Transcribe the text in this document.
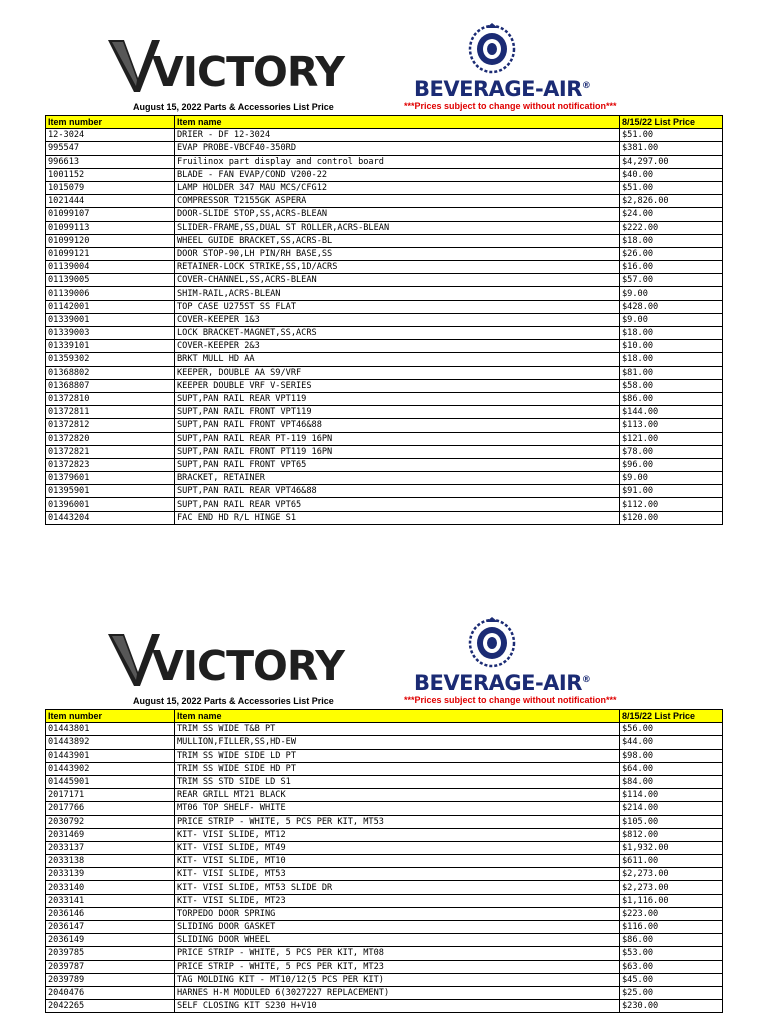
VICTORY	BEVERAGE-AIR®
August 15, 2022 Parts & Accessories List Price	***Prices subject to change without notification***
Item number	Item name	8/15/22 List Price
12-3024	DRIER - DF 12-3024	$51.00
995547	EVAP PROBE-VBCF40-350RD	$381.00
996613	Fruilinox part display and control board	$4,297.00
1001152	BLADE - FAN EVAP/COND V200-22	$40.00
1015079	LAMP HOLDER 347 MAU MCS/CFG12	$51.00
1021444	COMPRESSOR T2155GK ASPERA	$2,826.00
01099107	DOOR-SLIDE STOP,SS,ACRS-BLEAN	$24.00
01099113	SLIDER-FRAME,SS,DUAL ST ROLLER,ACRS-BLEAN	$222.00
01099120	WHEEL GUIDE BRACKET,SS,ACRS-BL	$18.00
01099121	DOOR STOP-90,LH PIN/RH BASE,SS	$26.00
01139004	RETAINER-LOCK STRIKE,SS,1D/ACRS	$16.00
01139005	COVER-CHANNEL,SS,ACRS-BLEAN	$57.00
01139006	SHIM-RAIL,ACRS-BLEAN	$9.00
01142001	TOP CASE U275ST SS FLAT	$428.00
01339001	COVER-KEEPER 1&3	$9.00
01339003	LOCK BRACKET-MAGNET,SS,ACRS	$18.00
01339101	COVER-KEEPER 2&3	$10.00
01359302	BRKT MULL HD AA	$18.00
01368802	KEEPER, DOUBLE AA S9/VRF	$81.00
01368807	KEEPER DOUBLE VRF V-SERIES	$58.00
01372810	SUPT,PAN RAIL REAR VPT119	$86.00
01372811	SUPT,PAN RAIL FRONT VPT119	$144.00
01372812	SUPT,PAN RAIL FRONT VPT46&88	$113.00
01372820	SUPT,PAN RAIL REAR PT-119 16PN	$121.00
01372821	SUPT,PAN RAIL FRONT PT119 16PN	$78.00
01372823	SUPT,PAN RAIL FRONT VPT65	$96.00
01379601	BRACKET, RETAINER	$9.00
01395901	SUPT,PAN RAIL REAR VPT46&88	$91.00
01396001	SUPT,PAN RAIL REAR VPT65	$112.00
01443204	FAC END HD R/L HINGE S1	$120.00
VICTORY	BEVERAGE-AIR®
August 15, 2022 Parts & Accessories List Price	***Prices subject to change without notification***
Item number	Item name	8/15/22 List Price
01443801	TRIM SS WIDE T&B PT	$56.00
01443892	MULLION,FILLER,SS,HD-EW	$44.00
01443901	TRIM SS WIDE SIDE LD PT	$98.00
01443902	TRIM SS WIDE SIDE HD PT	$64.00
01445901	TRIM SS STD SIDE LD S1	$84.00
2017171	REAR GRILL MT21 BLACK	$114.00
2017766	MT06 TOP SHELF- WHITE	$214.00
2030792	PRICE STRIP - WHITE, 5 PCS PER KIT, MT53	$105.00
2031469	KIT- VISI SLIDE, MT12	$812.00
2033137	KIT- VISI SLIDE, MT49	$1,932.00
2033138	KIT- VISI SLIDE, MT10	$611.00
2033139	KIT- VISI SLIDE, MT53	$2,273.00
2033140	KIT- VISI SLIDE, MT53 SLIDE DR	$2,273.00
2033141	KIT- VISI SLIDE, MT23	$1,116.00
2036146	TORPEDO DOOR SPRING	$223.00
2036147	SLIDING DOOR GASKET	$116.00
2036149	SLIDING DOOR WHEEL	$86.00
2039785	PRICE STRIP - WHITE, 5 PCS PER KIT, MT08	$53.00
2039787	PRICE STRIP - WHITE, 5 PCS PER KIT, MT23	$63.00
2039789	TAG MOLDING KIT - MT10/12(5 PCS PER KIT)	$45.00
2040476	HARNES H-M MODULED 6(3027227 REPLACEMENT)	$25.00
2042265	SELF CLOSING KIT S230 H+V10	$230.00
